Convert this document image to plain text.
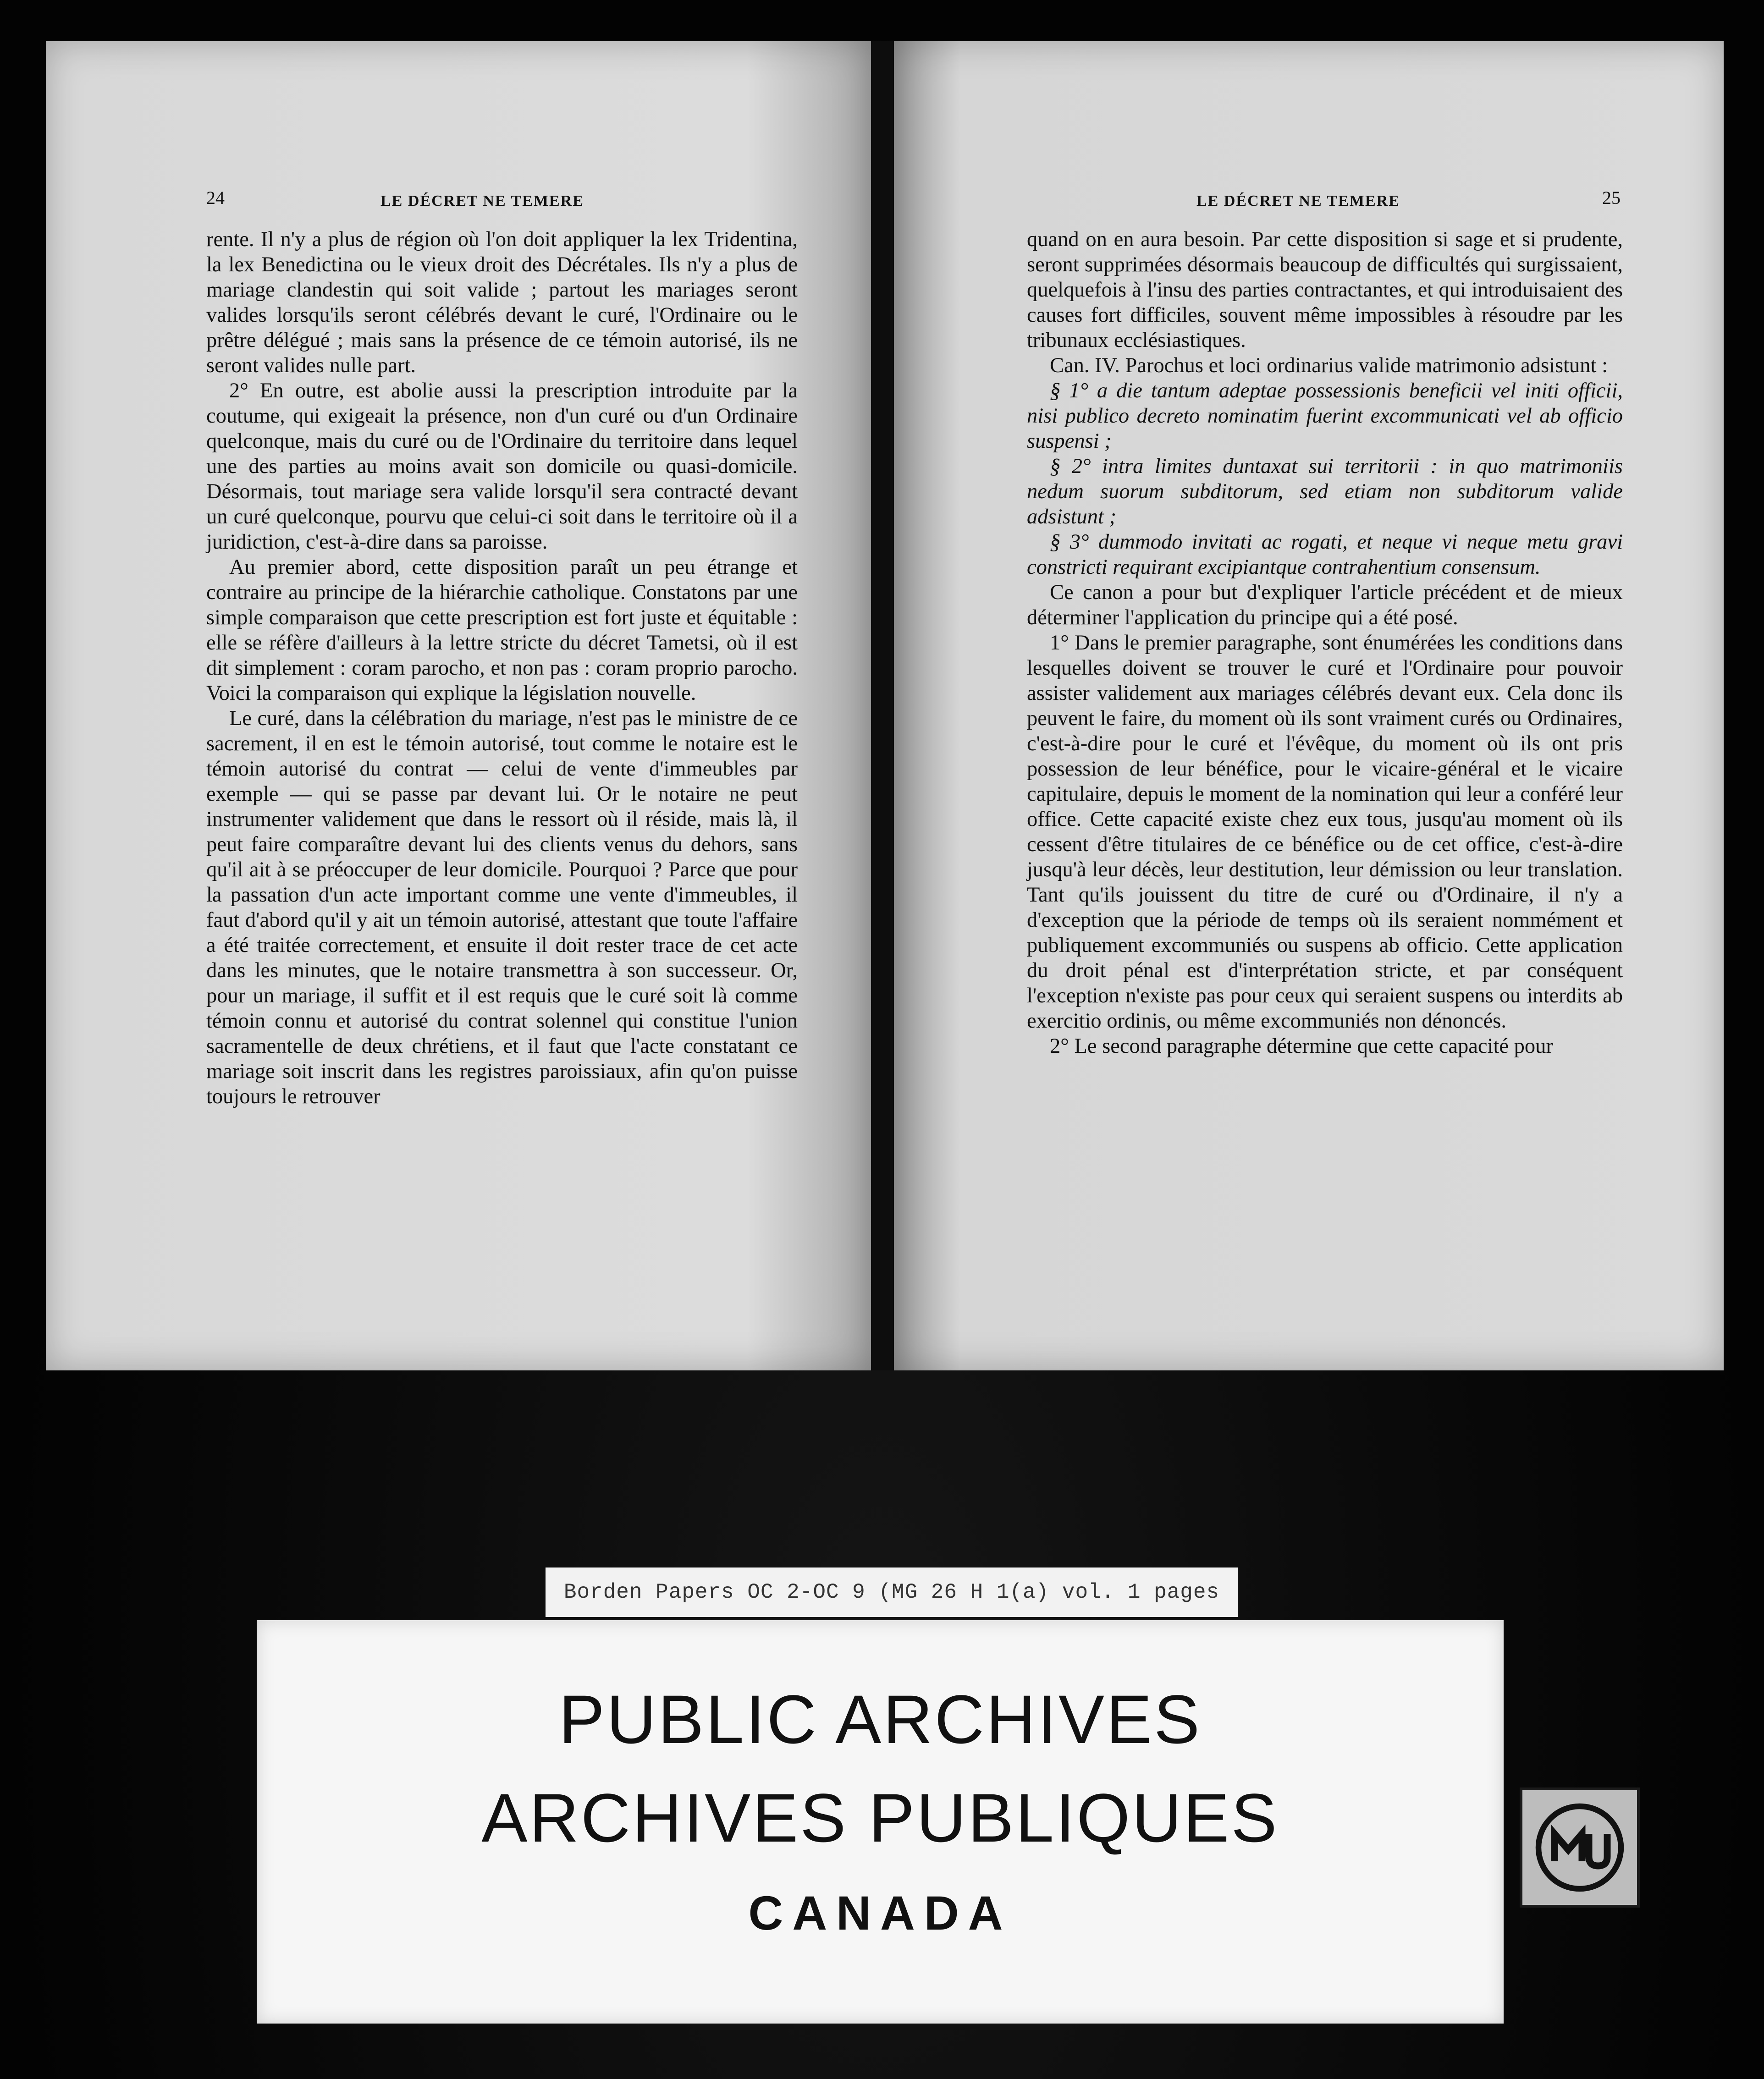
24	LE DÉCRET NE TEMERE

rente. Il n'y a plus de région où l'on doit appliquer la lex Tridentina, la lex Benedictina ou le vieux droit des Décrétales. Ils n'y a plus de mariage clandestin qui soit valide ; partout les mariages seront valides lorsqu'ils seront célébrés devant le curé, l'Ordinaire ou le prêtre délégué ; mais sans la présence de ce témoin autorisé, ils ne seront valides nulle part.

2° En outre, est abolie aussi la prescription introduite par la coutume, qui exigeait la présence, non d'un curé ou d'un Ordinaire quelconque, mais du curé ou de l'Ordinaire du territoire dans lequel une des parties au moins avait son domicile ou quasi-domicile. Désormais, tout mariage sera valide lorsqu'il sera contracté devant un curé quelconque, pourvu que celui-ci soit dans le territoire où il a juridiction, c'est-à-dire dans sa paroisse.

Au premier abord, cette disposition paraît un peu étrange et contraire au principe de la hiérarchie catholique. Constatons par une simple comparaison que cette prescription est fort juste et équitable : elle se réfère d'ailleurs à la lettre stricte du décret Tametsi, où il est dit simplement : coram parocho, et non pas : coram proprio parocho. Voici la comparaison qui explique la législation nouvelle.

Le curé, dans la célébration du mariage, n'est pas le ministre de ce sacrement, il en est le témoin autorisé, tout comme le notaire est le témoin autorisé du contrat — celui de vente d'immeubles par exemple — qui se passe par devant lui. Or le notaire ne peut instrumenter validement que dans le ressort où il réside, mais là, il peut faire comparaître devant lui des clients venus du dehors, sans qu'il ait à se préoccuper de leur domicile. Pourquoi ? Parce que pour la passation d'un acte important comme une vente d'immeubles, il faut d'abord qu'il y ait un témoin autorisé, attestant que toute l'affaire a été traitée correctement, et ensuite il doit rester trace de cet acte dans les minutes, que le notaire transmettra à son successeur. Or, pour un mariage, il suffit et il est requis que le curé soit là comme témoin connu et autorisé du contrat solennel qui constitue l'union sacramentelle de deux chrétiens, et il faut que l'acte constatant ce mariage soit inscrit dans les registres paroissiaux, afin qu'on puisse toujours le retrouver

LE DÉCRET NE TEMERE	25

quand on en aura besoin. Par cette disposition si sage et si prudente, seront supprimées désormais beaucoup de difficultés qui surgissaient, quelquefois à l'insu des parties contractantes, et qui introduisaient des causes fort difficiles, souvent même impossibles à résoudre par les tribunaux ecclésiastiques.

Can. IV. Parochus et loci ordinarius valide matrimonio adsistunt :

§ 1° a die tantum adeptae possessionis beneficii vel initi officii, nisi publico decreto nominatim fuerint excommunicati vel ab officio suspensi ;

§ 2° intra limites duntaxat sui territorii : in quo matrimoniis nedum suorum subditorum, sed etiam non subditorum valide adsistunt ;

§ 3° dummodo invitati ac rogati, et neque vi neque metu gravi constricti requirant excipiantque contrahentium consensum.

Ce canon a pour but d'expliquer l'article précédent et de mieux déterminer l'application du principe qui a été posé.

1° Dans le premier paragraphe, sont énumérées les conditions dans lesquelles doivent se trouver le curé et l'Ordinaire pour pouvoir assister validement aux mariages célébrés devant eux. Cela donc ils peuvent le faire, du moment où ils sont vraiment curés ou Ordinaires, c'est-à-dire pour le curé et l'évêque, du moment où ils ont pris possession de leur bénéfice, pour le vicaire-général et le vicaire capitulaire, depuis le moment de la nomination qui leur a conféré leur office. Cette capacité existe chez eux tous, jusqu'au moment où ils cessent d'être titulaires de ce bénéfice ou de cet office, c'est-à-dire jusqu'à leur décès, leur destitution, leur démission ou leur translation. Tant qu'ils jouissent du titre de curé ou d'Ordinaire, il n'y a d'exception que la période de temps où ils seraient nommément et publiquement excommuniés ou suspens ab officio. Cette application du droit pénal est d'interprétation stricte, et par conséquent l'exception n'existe pas pour ceux qui seraient suspens ou interdits ab exercitio ordinis, ou même excommuniés non dénoncés.

2° Le second paragraphe détermine que cette capacité pour

Borden Papers OC 2-OC 9 (MG 26 H 1(a) vol. 1 pages
PUBLIC ARCHIVES
ARCHIVES PUBLIQUES
CANADA
